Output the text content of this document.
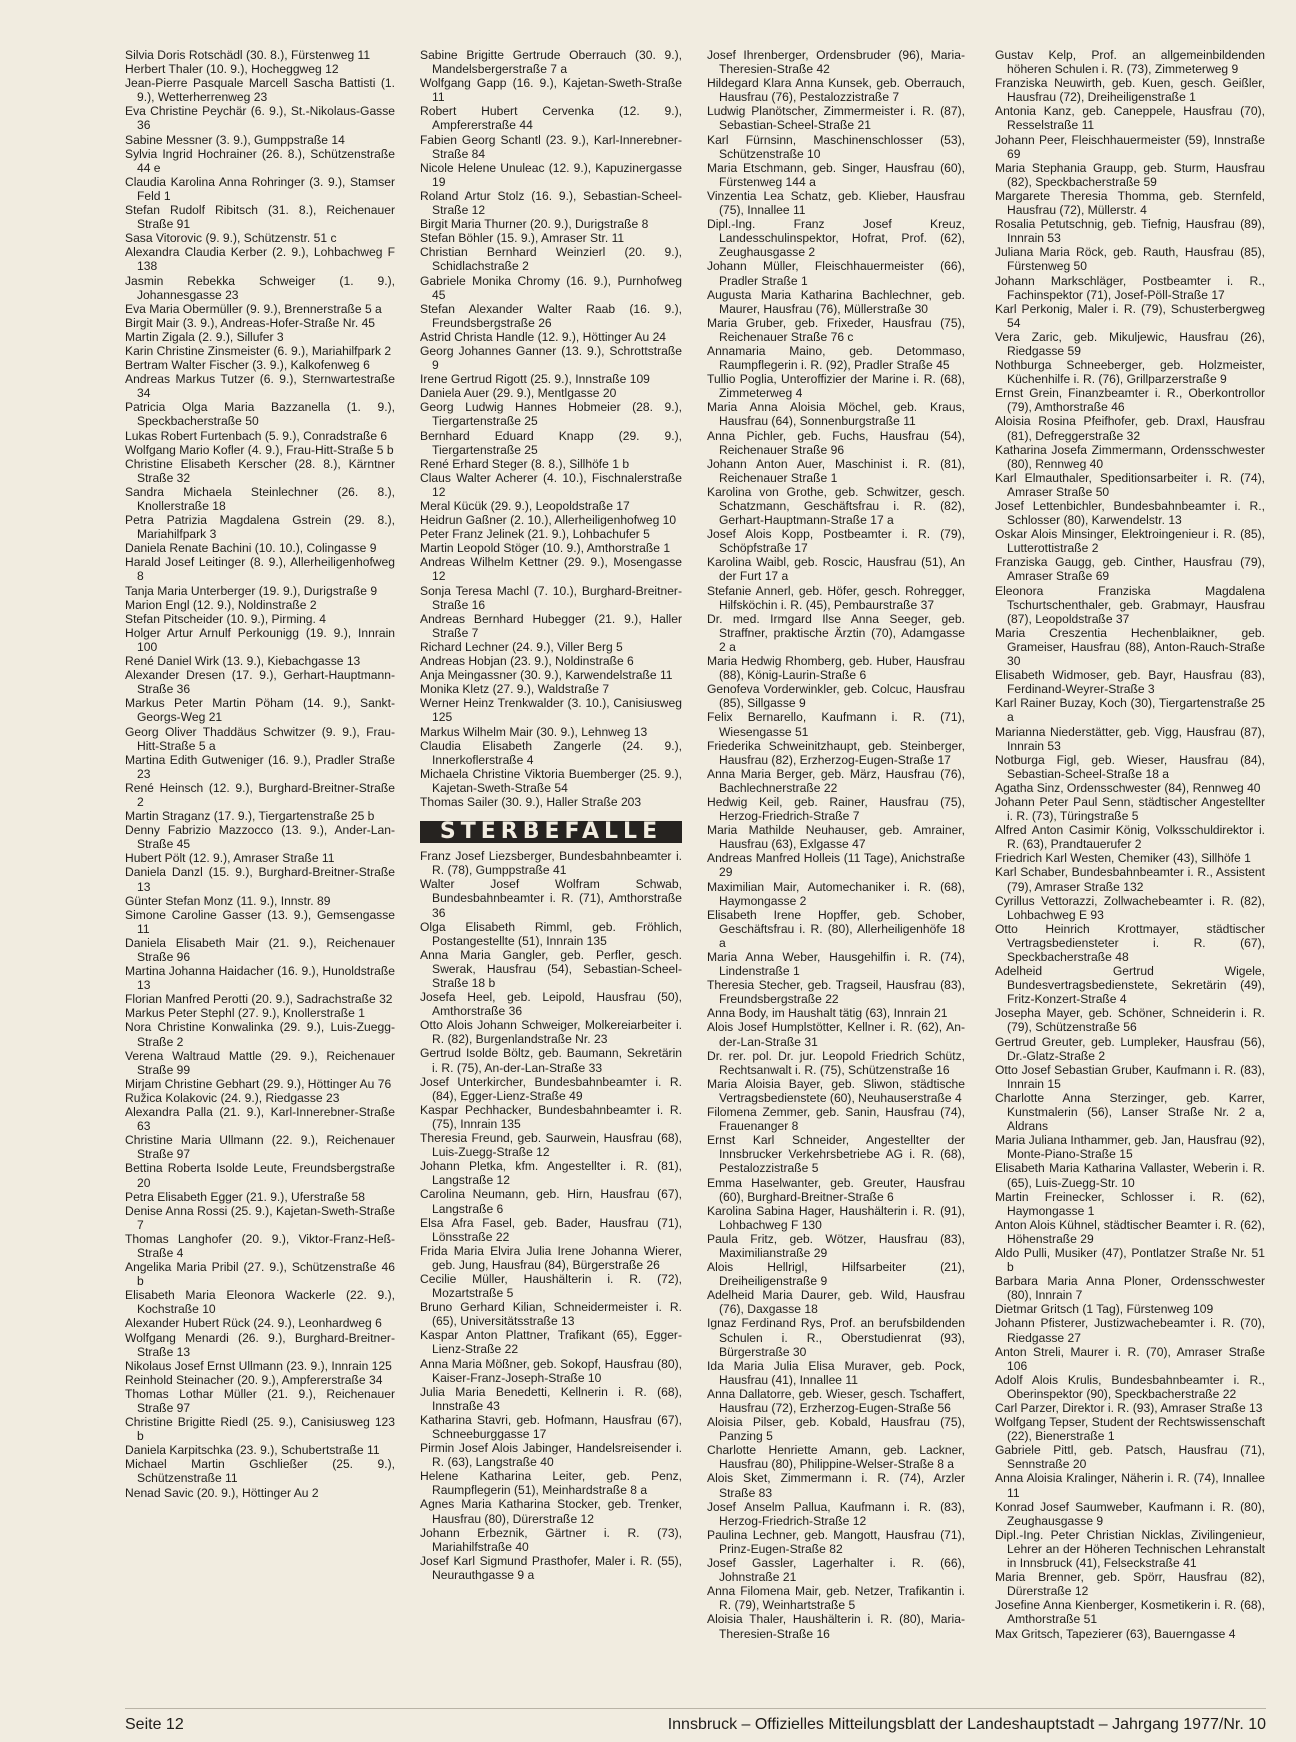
Silvia Doris Rotschädl (30. 8.), Fürstenweg 11

Herbert Thaler (10. 9.), Hocheggweg 12

Jean-Pierre Pasquale Marcell Sascha Battisti (1. 9.), Wetterherrenweg 23

Eva Christine Peychär (6. 9.), St.-Nikolaus-Gasse 36

Sabine Messner (3. 9.), Gumppstraße 14

Sylvia Ingrid Hochrainer (26. 8.), Schützenstraße 44 e

Claudia Karolina Anna Rohringer (3. 9.), Stamser Feld 1

Stefan Rudolf Ribitsch (31. 8.), Reichenauer Straße 91

Sasa Vitorovic (9. 9.), Schützenstr. 51 c

Alexandra Claudia Kerber (2. 9.), Lohbachweg F 138

Jasmin Rebekka Schweiger (1. 9.), Johannesgasse 23

Eva Maria Obermüller (9. 9.), Brennerstraße 5 a

Birgit Mair (3. 9.), Andreas-Hofer-Straße Nr. 45

Martin Zigala (2. 9.), Sillufer 3

Karin Christine Zinsmeister (6. 9.), Mariahilfpark 2

Bertram Walter Fischer (3. 9.), Kalkofenweg 6

Andreas Markus Tutzer (6. 9.), Sternwartestraße 34

Patricia Olga Maria Bazzanella (1. 9.), Speckbacherstraße 50

Lukas Robert Furtenbach (5. 9.), Conradstraße 6

Wolfgang Mario Kofler (4. 9.), Frau-Hitt-Straße 5 b

Christine Elisabeth Kerscher (28. 8.), Kärntner Straße 32

Sandra Michaela Steinlechner (26. 8.), Knollerstraße 18

Petra Patrizia Magdalena Gstrein (29. 8.), Mariahilfpark 3

Daniela Renate Bachini (10. 10.), Colingasse 9

Harald Josef Leitinger (8. 9.), Allerheiligenhofweg 8

Tanja Maria Unterberger (19. 9.), Durigstraße 9

Marion Engl (12. 9.), Noldinstraße 2

Stefan Pitscheider (10. 9.), Pirming. 4

Holger Artur Arnulf Perkounigg (19. 9.), Innrain 100

René Daniel Wirk (13. 9.), Kiebachgasse 13

Alexander Dresen (17. 9.), Gerhart-Hauptmann-Straße 36

Markus Peter Martin Pöham (14. 9.), Sankt-Georgs-Weg 21

Georg Oliver Thaddäus Schwitzer (9. 9.), Frau-Hitt-Straße 5 a

Martina Edith Gutweniger (16. 9.), Pradler Straße 23

René Heinsch (12. 9.), Burghard-Breitner-Straße 2

Martin Straganz (17. 9.), Tiergartenstraße 25 b

Denny Fabrizio Mazzocco (13. 9.), Ander-Lan-Straße 45

Hubert Pölt (12. 9.), Amraser Straße 11

Daniela Danzl (15. 9.), Burghard-Breitner-Straße 13

Günter Stefan Monz (11. 9.), Innstr. 89

Simone Caroline Gasser (13. 9.), Gemsengasse 11

Daniela Elisabeth Mair (21. 9.), Reichenauer Straße 96

Martina Johanna Haidacher (16. 9.), Hunoldstraße 13

Florian Manfred Perotti (20. 9.), Sadrachstraße 32

Markus Peter Stephl (27. 9.), Knollerstraße 1

Nora Christine Konwalinka (29. 9.), Luis-Zuegg-Straße 2

Verena Waltraud Mattle (29. 9.), Reichenauer Straße 99

Mirjam Christine Gebhart (29. 9.), Höttinger Au 76

Ružica Kolakovic (24. 9.), Riedgasse 23

Alexandra Palla (21. 9.), Karl-Innerebner-Straße 63

Christine Maria Ullmann (22. 9.), Reichenauer Straße 97

Bettina Roberta Isolde Leute, Freundsbergstraße 20

Petra Elisabeth Egger (21. 9.), Uferstraße 58

Denise Anna Rossi (25. 9.), Kajetan-Sweth-Straße 7

Thomas Langhofer (20. 9.), Viktor-Franz-Heß-Straße 4

Angelika Maria Pribil (27. 9.), Schützenstraße 46 b

Elisabeth Maria Eleonora Wackerle (22. 9.), Kochstraße 10

Alexander Hubert Rück (24. 9.), Leonhardweg 6

Wolfgang Menardi (26. 9.), Burghard-Breitner-Straße 13

Nikolaus Josef Ernst Ullmann (23. 9.), Innrain 125

Reinhold Steinacher (20. 9.), Ampfererstraße 34

Thomas Lothar Müller (21. 9.), Reichenauer Straße 97

Christine Brigitte Riedl (25. 9.), Canisiusweg 123 b

Daniela Karpitschka (23. 9.), Schubertstraße 11

Michael Martin Gschließer (25. 9.), Schützenstraße 11

Nenad Savic (20. 9.), Höttinger Au 2

Sabine Brigitte Gertrude Oberrauch (30. 9.), Mandelsbergerstraße 7 a

Wolfgang Gapp (16. 9.), Kajetan-Sweth-Straße 11

Robert Hubert Cervenka (12. 9.), Ampfererstraße 44

Fabien Georg Schantl (23. 9.), Karl-Innerebner-Straße 84

Nicole Helene Unuleac (12. 9.), Kapuzinergasse 19

Roland Artur Stolz (16. 9.), Sebastian-Scheel-Straße 12

Birgit Maria Thurner (20. 9.), Durigstraße 8

Stefan Böhler (15. 9.), Amraser Str. 11

Christian Bernhard Weinzierl (20. 9.), Schidlachstraße 2

Gabriele Monika Chromy (16. 9.), Purnhofweg 45

Stefan Alexander Walter Raab (16. 9.), Freundsbergstraße 26

Astrid Christa Handle (12. 9.), Höttinger Au 24

Georg Johannes Ganner (13. 9.), Schrottstraße 9

Irene Gertrud Rigott (25. 9.), Innstraße 109

Daniela Auer (29. 9.), Mentlgasse 20

Georg Ludwig Hannes Hobmeier (28. 9.), Tiergartenstraße 25

Bernhard Eduard Knapp (29. 9.), Tiergartenstraße 25

René Erhard Steger (8. 8.), Sillhöfe 1 b

Claus Walter Acherer (4. 10.), Fischnalerstraße 12

Meral Kücük (29. 9.), Leopoldstraße 17

Heidrun Gaßner (2. 10.), Allerheiligenhofweg 10

Peter Franz Jelinek (21. 9.), Lohbachufer 5

Martin Leopold Stöger (10. 9.), Amthorstraße 1

Andreas Wilhelm Kettner (29. 9.), Mosengasse 12

Sonja Teresa Machl (7. 10.), Burghard-Breitner-Straße 16

Andreas Bernhard Hubegger (21. 9.), Haller Straße 7

Richard Lechner (24. 9.), Viller Berg 5

Andreas Hobjan (23. 9.), Noldinstraße 6

Anja Meingassner (30. 9.), Karwendelstraße 11

Monika Kletz (27. 9.), Waldstraße 7

Werner Heinz Trenkwalder (3. 10.), Canisiusweg 125

Markus Wilhelm Mair (30. 9.), Lehnweg 13

Claudia Elisabeth Zangerle (24. 9.), Innerkoflerstraße 4

Michaela Christine Viktoria Buemberger (25. 9.), Kajetan-Sweth-Straße 54

Thomas Sailer (30. 9.), Haller Straße 203

STERBEFÄLLE

Franz Josef Liezsberger, Bundesbahnbeamter i. R. (78), Gumppstraße 41

Walter Josef Wolfram Schwab, Bundesbahnbeamter i. R. (71), Amthorstraße 36

Olga Elisabeth Rimml, geb. Fröhlich, Postangestellte (51), Innrain 135

Anna Maria Gangler, geb. Perfler, gesch. Swerak, Hausfrau (54), Sebastian-Scheel-Straße 18 b

Josefa Heel, geb. Leipold, Hausfrau (50), Amthorstraße 36

Otto Alois Johann Schweiger, Molkereiarbeiter i. R. (82), Burgenlandstraße Nr. 23

Gertrud Isolde Böltz, geb. Baumann, Sekretärin i. R. (75), An-der-Lan-Straße 33

Josef Unterkircher, Bundesbahnbeamter i. R. (84), Egger-Lienz-Straße 49

Kaspar Pechhacker, Bundesbahnbeamter i. R. (75), Innrain 135

Theresia Freund, geb. Saurwein, Hausfrau (68), Luis-Zuegg-Straße 12

Johann Pletka, kfm. Angestellter i. R. (81), Langstraße 12

Carolina Neumann, geb. Hirn, Hausfrau (67), Langstraße 6

Elsa Afra Fasel, geb. Bader, Hausfrau (71), Lönsstraße 22

Frida Maria Elvira Julia Irene Johanna Wierer, geb. Jung, Hausfrau (84), Bürgerstraße 26

Cecilie Müller, Haushälterin i. R. (72), Mozartstraße 5

Bruno Gerhard Kilian, Schneidermeister i. R. (65), Universitätsstraße 13

Kaspar Anton Plattner, Trafikant (65), Egger-Lienz-Straße 22

Anna Maria Mößner, geb. Sokopf, Hausfrau (80), Kaiser-Franz-Joseph-Straße 10

Julia Maria Benedetti, Kellnerin i. R. (68), Innstraße 43

Katharina Stavri, geb. Hofmann, Hausfrau (67), Schneeburggasse 17

Pirmin Josef Alois Jabinger, Handelsreisender i. R. (63), Langstraße 40

Helene Katharina Leiter, geb. Penz, Raumpflegerin (51), Meinhardstraße 8 a

Agnes Maria Katharina Stocker, geb. Trenker, Hausfrau (80), Dürerstraße 12

Johann Erbeznik, Gärtner i. R. (73), Mariahilfstraße 40

Josef Karl Sigmund Prasthofer, Maler i. R. (55), Neurauthgasse 9 a

Josef Ihrenberger, Ordensbruder (96), Maria-Theresien-Straße 42

Hildegard Klara Anna Kunsek, geb. Oberrauch, Hausfrau (76), Pestalozzistraße 7

Ludwig Planötscher, Zimmermeister i. R. (87), Sebastian-Scheel-Straße 21

Karl Fürnsinn, Maschinenschlosser (53), Schützenstraße 10

Maria Etschmann, geb. Singer, Hausfrau (60), Fürstenweg 144 a

Vinzentia Lea Schatz, geb. Klieber, Hausfrau (75), Innallee 11

Dipl.-Ing. Franz Josef Kreuz, Landesschulinspektor, Hofrat, Prof. (62), Zeughausgasse 2

Johann Müller, Fleischhauermeister (66), Pradler Straße 1

Augusta Maria Katharina Bachlechner, geb. Maurer, Hausfrau (76), Müllerstraße 30

Maria Gruber, geb. Frixeder, Hausfrau (75), Reichenauer Straße 76 c

Annamaria Maino, geb. Detommaso, Raumpflegerin i. R. (92), Pradler Straße 45

Tullio Poglia, Unteroffizier der Marine i. R. (68), Zimmeterweg 4

Maria Anna Aloisia Möchel, geb. Kraus, Hausfrau (64), Sonnenburgstraße 11

Anna Pichler, geb. Fuchs, Hausfrau (54), Reichenauer Straße 96

Johann Anton Auer, Maschinist i. R. (81), Reichenauer Straße 1

Karolina von Grothe, geb. Schwitzer, gesch. Schatzmann, Geschäftsfrau i. R. (82), Gerhart-Hauptmann-Straße 17 a

Josef Alois Kopp, Postbeamter i. R. (79), Schöpfstraße 17

Karolina Waibl, geb. Roscic, Hausfrau (51), An der Furt 17 a

Stefanie Annerl, geb. Höfer, gesch. Rohregger, Hilfsköchin i. R. (45), Pembaurstraße 37

Dr. med. Irmgard Ilse Anna Seeger, geb. Straffner, praktische Ärztin (70), Adamgasse 2 a

Maria Hedwig Rhomberg, geb. Huber, Hausfrau (88), König-Laurin-Straße 6

Genofeva Vorderwinkler, geb. Colcuc, Hausfrau (85), Sillgasse 9

Felix Bernarello, Kaufmann i. R. (71), Wiesengasse 51

Friederika Schweinitzhaupt, geb. Steinberger, Hausfrau (82), Erzherzog-Eugen-Straße 17

Anna Maria Berger, geb. März, Hausfrau (76), Bachlechnerstraße 22

Hedwig Keil, geb. Rainer, Hausfrau (75), Herzog-Friedrich-Straße 7

Maria Mathilde Neuhauser, geb. Amrainer, Hausfrau (63), Exlgasse 47

Andreas Manfred Holleis (11 Tage), Anichstraße 29

Maximilian Mair, Automechaniker i. R. (68), Haymongasse 2

Elisabeth Irene Hopffer, geb. Schober, Geschäftsfrau i. R. (80), Allerheiligenhöfe 18 a

Maria Anna Weber, Hausgehilfin i. R. (74), Lindenstraße 1

Theresia Stecher, geb. Tragseil, Hausfrau (83), Freundsbergstraße 22

Anna Body, im Haushalt tätig (63), Innrain 21

Alois Josef Humplstötter, Kellner i. R. (62), An-der-Lan-Straße 31

Dr. rer. pol. Dr. jur. Leopold Friedrich Schütz, Rechtsanwalt i. R. (75), Schützenstraße 16

Maria Aloisia Bayer, geb. Sliwon, städtische Vertragsbedienstete (60), Neuhauserstraße 4

Filomena Zemmer, geb. Sanin, Hausfrau (74), Frauenanger 8

Ernst Karl Schneider, Angestellter der Innsbrucker Verkehrsbetriebe AG i. R. (68), Pestalozzistraße 5

Emma Haselwanter, geb. Greuter, Hausfrau (60), Burghard-Breitner-Straße 6

Karolina Sabina Hager, Haushälterin i. R. (91), Lohbachweg F 130

Paula Fritz, geb. Wötzer, Hausfrau (83), Maximilianstraße 29

Alois Hellrigl, Hilfsarbeiter (21), Dreiheiligenstraße 9

Adelheid Maria Daurer, geb. Wild, Hausfrau (76), Daxgasse 18

Ignaz Ferdinand Rys, Prof. an berufsbildenden Schulen i. R., Oberstudienrat (93), Bürgerstraße 30

Ida Maria Julia Elisa Muraver, geb. Pock, Hausfrau (41), Innallee 11

Anna Dallatorre, geb. Wieser, gesch. Tschaffert, Hausfrau (72), Erzherzog-Eugen-Straße 56

Aloisia Pilser, geb. Kobald, Hausfrau (75), Panzing 5

Charlotte Henriette Amann, geb. Lackner, Hausfrau (80), Philippine-Welser-Straße 8 a

Alois Sket, Zimmermann i. R. (74), Arzler Straße 83

Josef Anselm Pallua, Kaufmann i. R. (83), Herzog-Friedrich-Straße 12

Paulina Lechner, geb. Mangott, Hausfrau (71), Prinz-Eugen-Straße 82

Josef Gassler, Lagerhalter i. R. (66), Johnstraße 21

Anna Filomena Mair, geb. Netzer, Trafikantin i. R. (79), Weinhartstraße 5

Aloisia Thaler, Haushälterin i. R. (80), Maria-Theresien-Straße 16

Gustav Kelp, Prof. an allgemeinbildenden höheren Schulen i. R. (73), Zimmeterweg 9

Franziska Neuwirth, geb. Kuen, gesch. Geißler, Hausfrau (72), Dreiheiligenstraße 1

Antonia Kanz, geb. Caneppele, Hausfrau (70), Resselstraße 11

Johann Peer, Fleischhauermeister (59), Innstraße 69

Maria Stephania Graupp, geb. Sturm, Hausfrau (82), Speckbacherstraße 59

Margarete Theresia Thomma, geb. Sternfeld, Hausfrau (72), Müllerstr. 4

Rosalia Petutschnig, geb. Tiefnig, Hausfrau (89), Innrain 53

Juliana Maria Röck, geb. Rauth, Hausfrau (85), Fürstenweg 50

Johann Markschläger, Postbeamter i. R., Fachinspektor (71), Josef-Pöll-Straße 17

Karl Perkonig, Maler i. R. (79), Schusterbergweg 54

Vera Zaric, geb. Mikuljewic, Hausfrau (26), Riedgasse 59

Nothburga Schneeberger, geb. Holzmeister, Küchenhilfe i. R. (76), Grillparzerstraße 9

Ernst Grein, Finanzbeamter i. R., Oberkontrollor (79), Amthorstraße 46

Aloisia Rosina Pfeifhofer, geb. Draxl, Hausfrau (81), Defreggerstraße 32

Katharina Josefa Zimmermann, Ordensschwester (80), Rennweg 40

Karl Elmauthaler, Speditionsarbeiter i. R. (74), Amraser Straße 50

Josef Lettenbichler, Bundesbahnbeamter i. R., Schlosser (80), Karwendelstr. 13

Oskar Alois Minsinger, Elektroingenieur i. R. (85), Lutterottistraße 2

Franziska Gaugg, geb. Cinther, Hausfrau (79), Amraser Straße 69

Eleonora Franziska Magdalena Tschurtschenthaler, geb. Grabmayr, Hausfrau (87), Leopoldstraße 37

Maria Creszentia Hechenblaikner, geb. Grameiser, Hausfrau (88), Anton-Rauch-Straße 30

Elisabeth Widmoser, geb. Bayr, Hausfrau (83), Ferdinand-Weyrer-Straße 3

Karl Rainer Buzay, Koch (30), Tiergartenstraße 25 a

Marianna Niederstätter, geb. Vigg, Hausfrau (87), Innrain 53

Notburga Figl, geb. Wieser, Hausfrau (84), Sebastian-Scheel-Straße 18 a

Agatha Sinz, Ordensschwester (84), Rennweg 40

Johann Peter Paul Senn, städtischer Angestellter i. R. (73), Türingstraße 5

Alfred Anton Casimir König, Volksschuldirektor i. R. (63), Prandtauerufer 2

Friedrich Karl Westen, Chemiker (43), Sillhöfe 1

Karl Schaber, Bundesbahnbeamter i. R., Assistent (79), Amraser Straße 132

Cyrillus Vettorazzi, Zollwachebeamter i. R. (82), Lohbachweg E 93

Otto Heinrich Krottmayer, städtischer Vertragsbediensteter i. R. (67), Speckbacherstraße 48

Adelheid Gertrud Wigele, Bundesvertragsbedienstete, Sekretärin (49), Fritz-Konzert-Straße 4

Josepha Mayer, geb. Schöner, Schneiderin i. R. (79), Schützenstraße 56

Gertrud Greuter, geb. Lumpleker, Hausfrau (56), Dr.-Glatz-Straße 2

Otto Josef Sebastian Gruber, Kaufmann i. R. (83), Innrain 15

Charlotte Anna Sterzinger, geb. Karrer, Kunstmalerin (56), Lanser Straße Nr. 2 a, Aldrans

Maria Juliana Inthammer, geb. Jan, Hausfrau (92), Monte-Piano-Straße 15

Elisabeth Maria Katharina Vallaster, Weberin i. R. (65), Luis-Zuegg-Str. 10

Martin Freinecker, Schlosser i. R. (62), Haymongasse 1

Anton Alois Kühnel, städtischer Beamter i. R. (62), Höhenstraße 29

Aldo Pulli, Musiker (47), Pontlatzer Straße Nr. 51 b

Barbara Maria Anna Ploner, Ordensschwester (80), Innrain 7

Dietmar Gritsch (1 Tag), Fürstenweg 109

Johann Pfisterer, Justizwachebeamter i. R. (70), Riedgasse 27

Anton Streli, Maurer i. R. (70), Amraser Straße 106

Adolf Alois Krulis, Bundesbahnbeamter i. R., Oberinspektor (90), Speckbacherstraße 22

Carl Parzer, Direktor i. R. (93), Amraser Straße 13

Wolfgang Tepser, Student der Rechtswissenschaft (22), Bienerstraße 1

Gabriele Pittl, geb. Patsch, Hausfrau (71), Sennstraße 20

Anna Aloisia Kralinger, Näherin i. R. (74), Innallee 11

Konrad Josef Saumweber, Kaufmann i. R. (80), Zeughausgasse 9

Dipl.-Ing. Peter Christian Nicklas, Zivilingenieur, Lehrer an der Höheren Technischen Lehranstalt in Innsbruck (41), Felseckstraße 41

Maria Brenner, geb. Spörr, Hausfrau (82), Dürerstraße 12

Josefine Anna Kienberger, Kosmetikerin i. R. (68), Amthorstraße 51

Max Gritsch, Tapezierer (63), Bauerngasse 4

Seite 12	Innsbruck – Offizielles Mitteilungsblatt der Landeshauptstadt – Jahrgang 1977/Nr. 10
